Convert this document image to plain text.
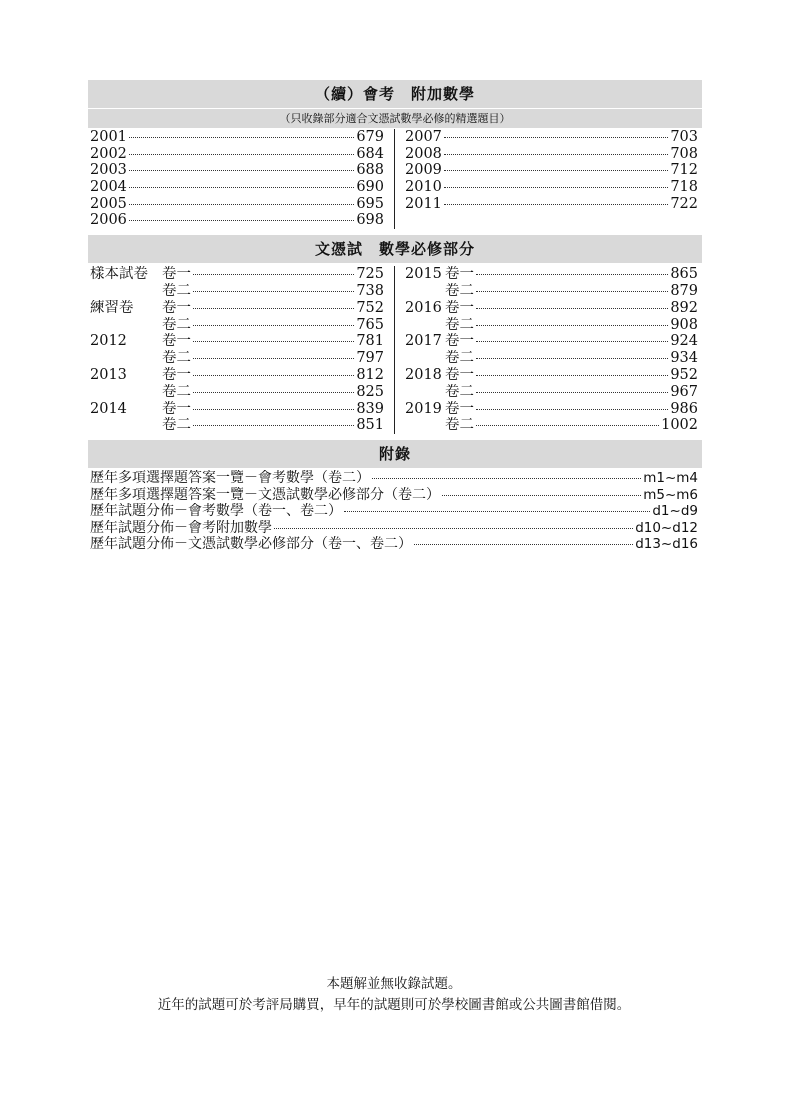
（續）會考　附加數學
（只收錄部分適合文憑試數學必修的精選題目）
2001	679
2002	684
2003	688
2004	690
2005	695
2006	698
2007	703
2008	708
2009	712
2010	718
2011	722
文憑試　數學必修部分
樣本試卷 卷一	725
卷二	738
練習卷	卷一	752
卷二	765
2012	卷一	781
卷二	797
2013	卷一	812
卷二	825
2014	卷一	839
卷二	851
2015 卷一	865
卷二	879
2016 卷一	892
卷二	908
2017 卷一	924
卷二	934
2018 卷一	952
卷二	967
2019 卷一	986
卷二	1002
附錄
歷年多項選擇題答案一覽－會考數學（卷二）	m1~m4
歷年多項選擇題答案一覽－文憑試數學必修部分（卷二）	m5~m6
歷年試題分佈－會考數學（卷一、卷二）	d1~d9
歷年試題分佈－會考附加數學	d10~d12
歷年試題分佈－文憑試數學必修部分（卷一、卷二）	d13~d16
本題解並無收錄試題。
近年的試題可於考評局購買，早年的試題則可於學校圖書館或公共圖書館借閱。
